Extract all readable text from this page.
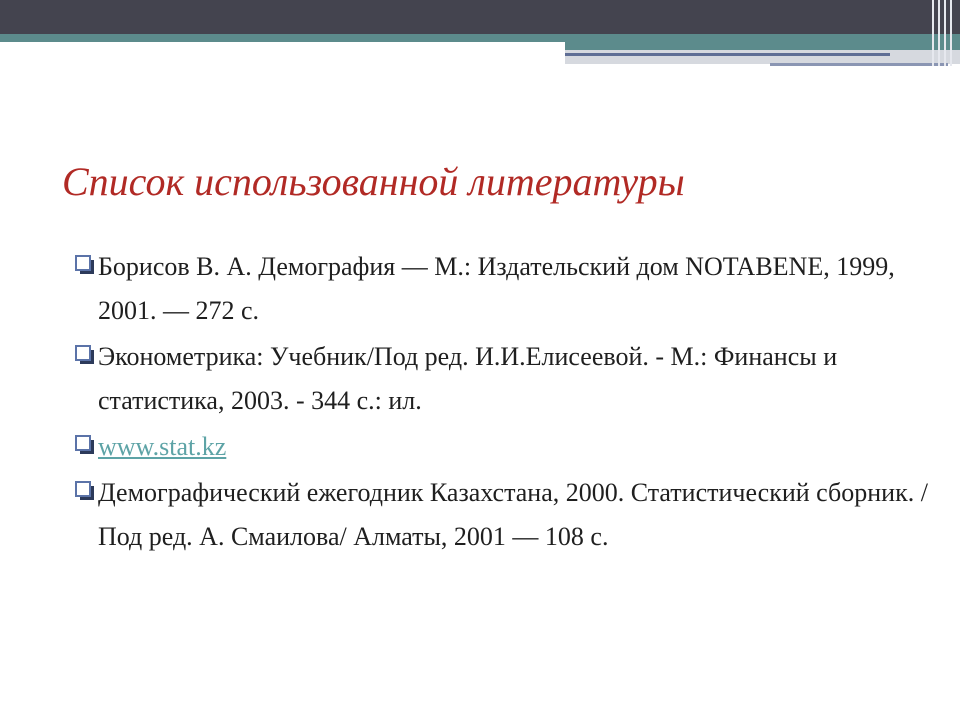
Список использованной литературы
Борисов В. А. Демография — М.: Издательский дом NOTABENE, 1999, 2001. — 272 с.
Эконометрика: Учебник/Под ред. И.И.Елисеевой. - М.: Финансы и статистика, 2003. - 344 с.: ил.
www.stat.kz
Демографический ежегодник Казахстана, 2000. Статистический сборник. / Под ред. А. Смаилова/ Алматы, 2001 — 108 с.
